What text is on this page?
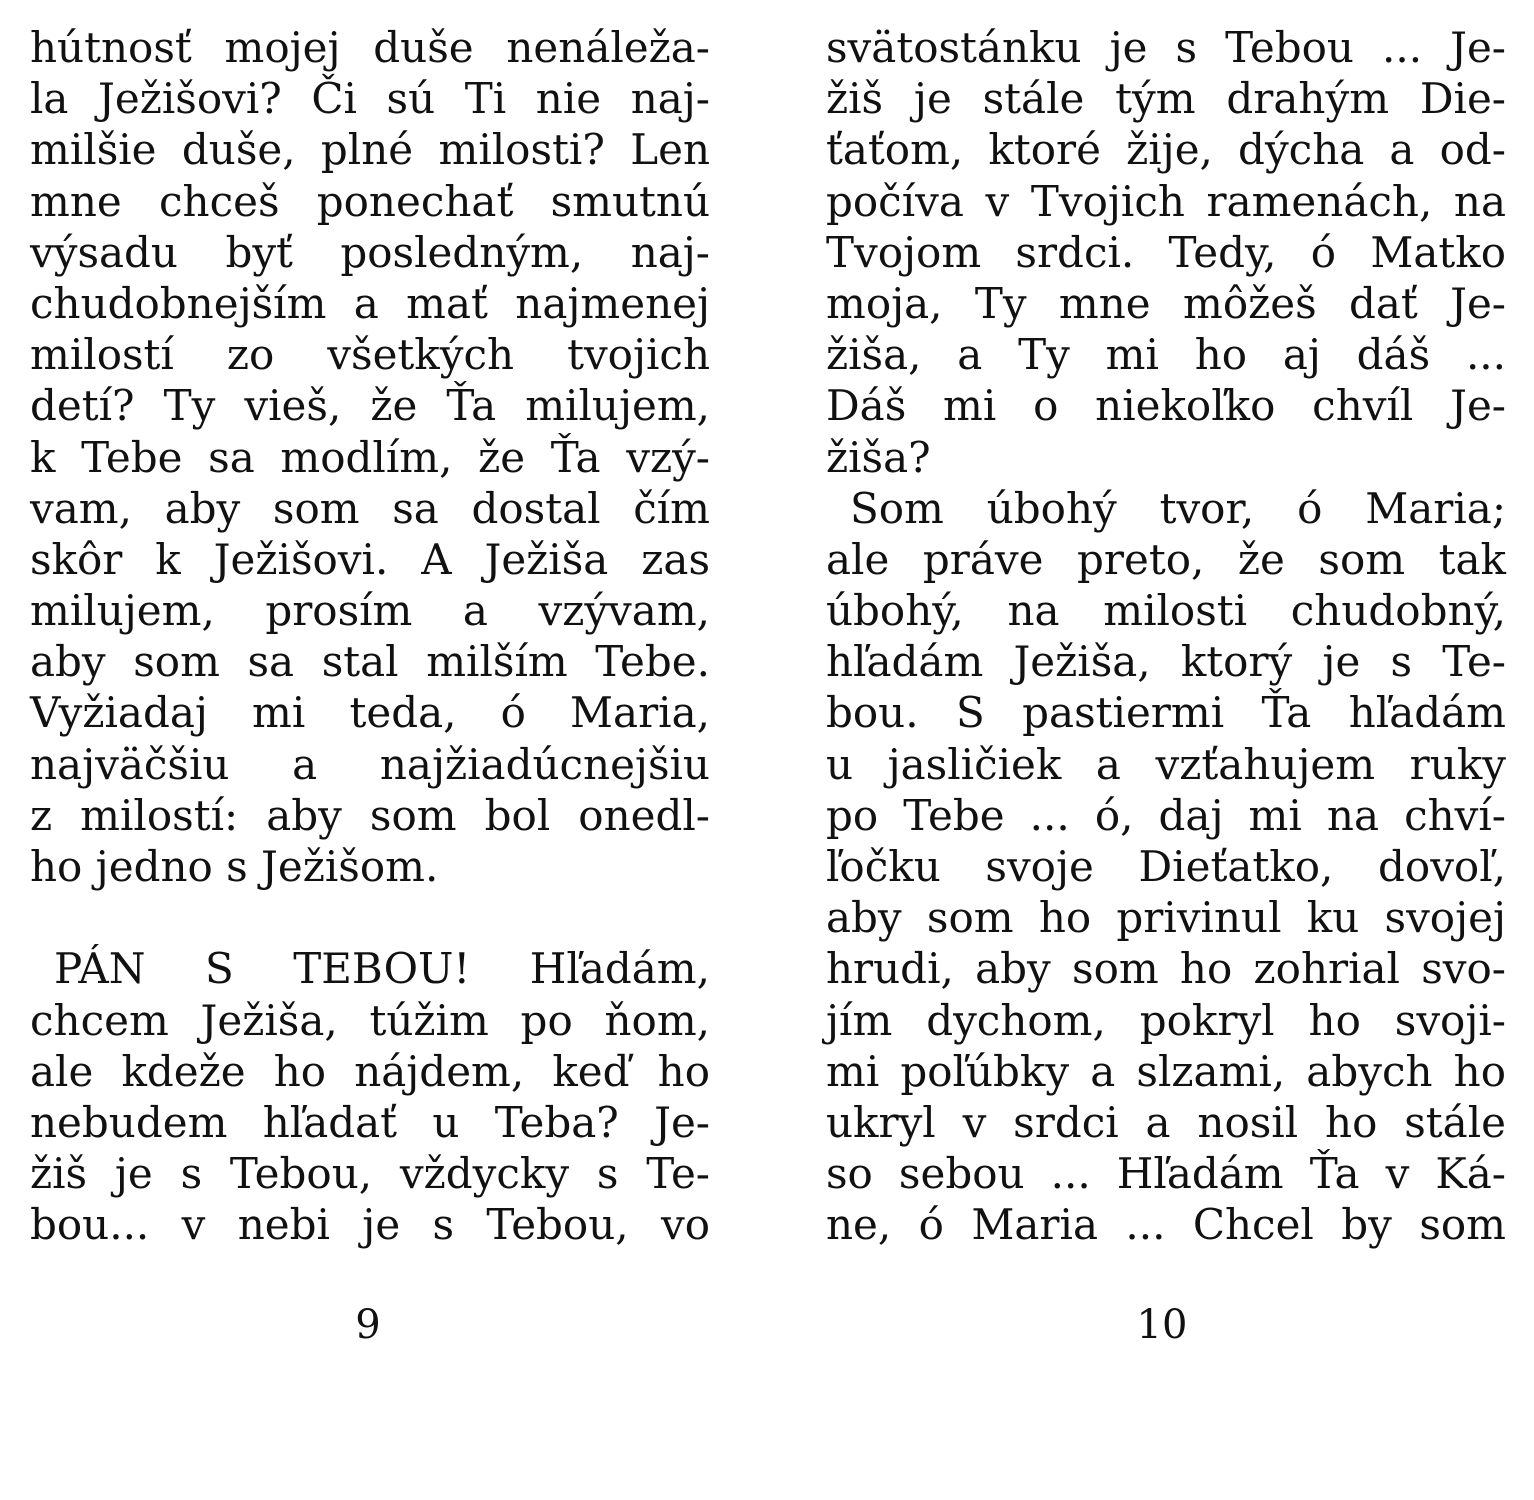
hútnosť mojej duše nenáleža-
la Ježišovi? Či sú Ti nie naj-
milšie duše, plné milosti? Len
mne chceš ponechať smutnú
výsadu byť posledným, naj-
chudobnejším a mať najmenej
milostí zo všetkých tvojich
detí? Ty vieš, že Ťa milujem,
k Tebe sa modlím, že Ťa vzý-
vam, aby som sa dostal čím
skôr k Ježišovi. A Ježiša zas
milujem, prosím a vzývam,
aby som sa stal milším Tebe.
Vyžiadaj mi teda, ó Maria,
najväčšiu a najžiadúcnejšiu
z milostí: aby som bol onedl-
ho jedno s Ježišom.
PÁN S TEBOU! Hľadám,
chcem Ježiša, túžim po ňom,
ale kdeže ho nájdem, keď ho
nebudem hľadať u Teba? Je-
žiš je s Tebou, vždycky s Te-
bou... v nebi je s Tebou, vo
svätostánku je s Tebou ... Je-
žiš je stále tým drahým Die-
ťaťom, ktoré žije, dýcha a od-
počíva v Tvojich ramenách, na
Tvojom srdci. Tedy, ó Matko
moja, Ty mne môžeš dať Je-
žiša, a Ty mi ho aj dáš ...
Dáš mi o niekoľko chvíl Je-
žiša?
Som úbohý tvor, ó Maria;
ale práve preto, že som tak
úbohý, na milosti chudobný,
hľadám Ježiša, ktorý je s Te-
bou. S pastiermi Ťa hľadám
u jasličiek a vzťahujem ruky
po Tebe ... ó, daj mi na chví-
ľočku svoje Dieťatko, dovoľ,
aby som ho privinul ku svojej
hrudi, aby som ho zohrial svo-
jím dychom, pokryl ho svoji-
mi poľúbky a slzami, abych ho
ukryl v srdci a nosil ho stále
so sebou ... Hľadám Ťa v Ká-
ne, ó Maria ... Chcel by som
9	10
